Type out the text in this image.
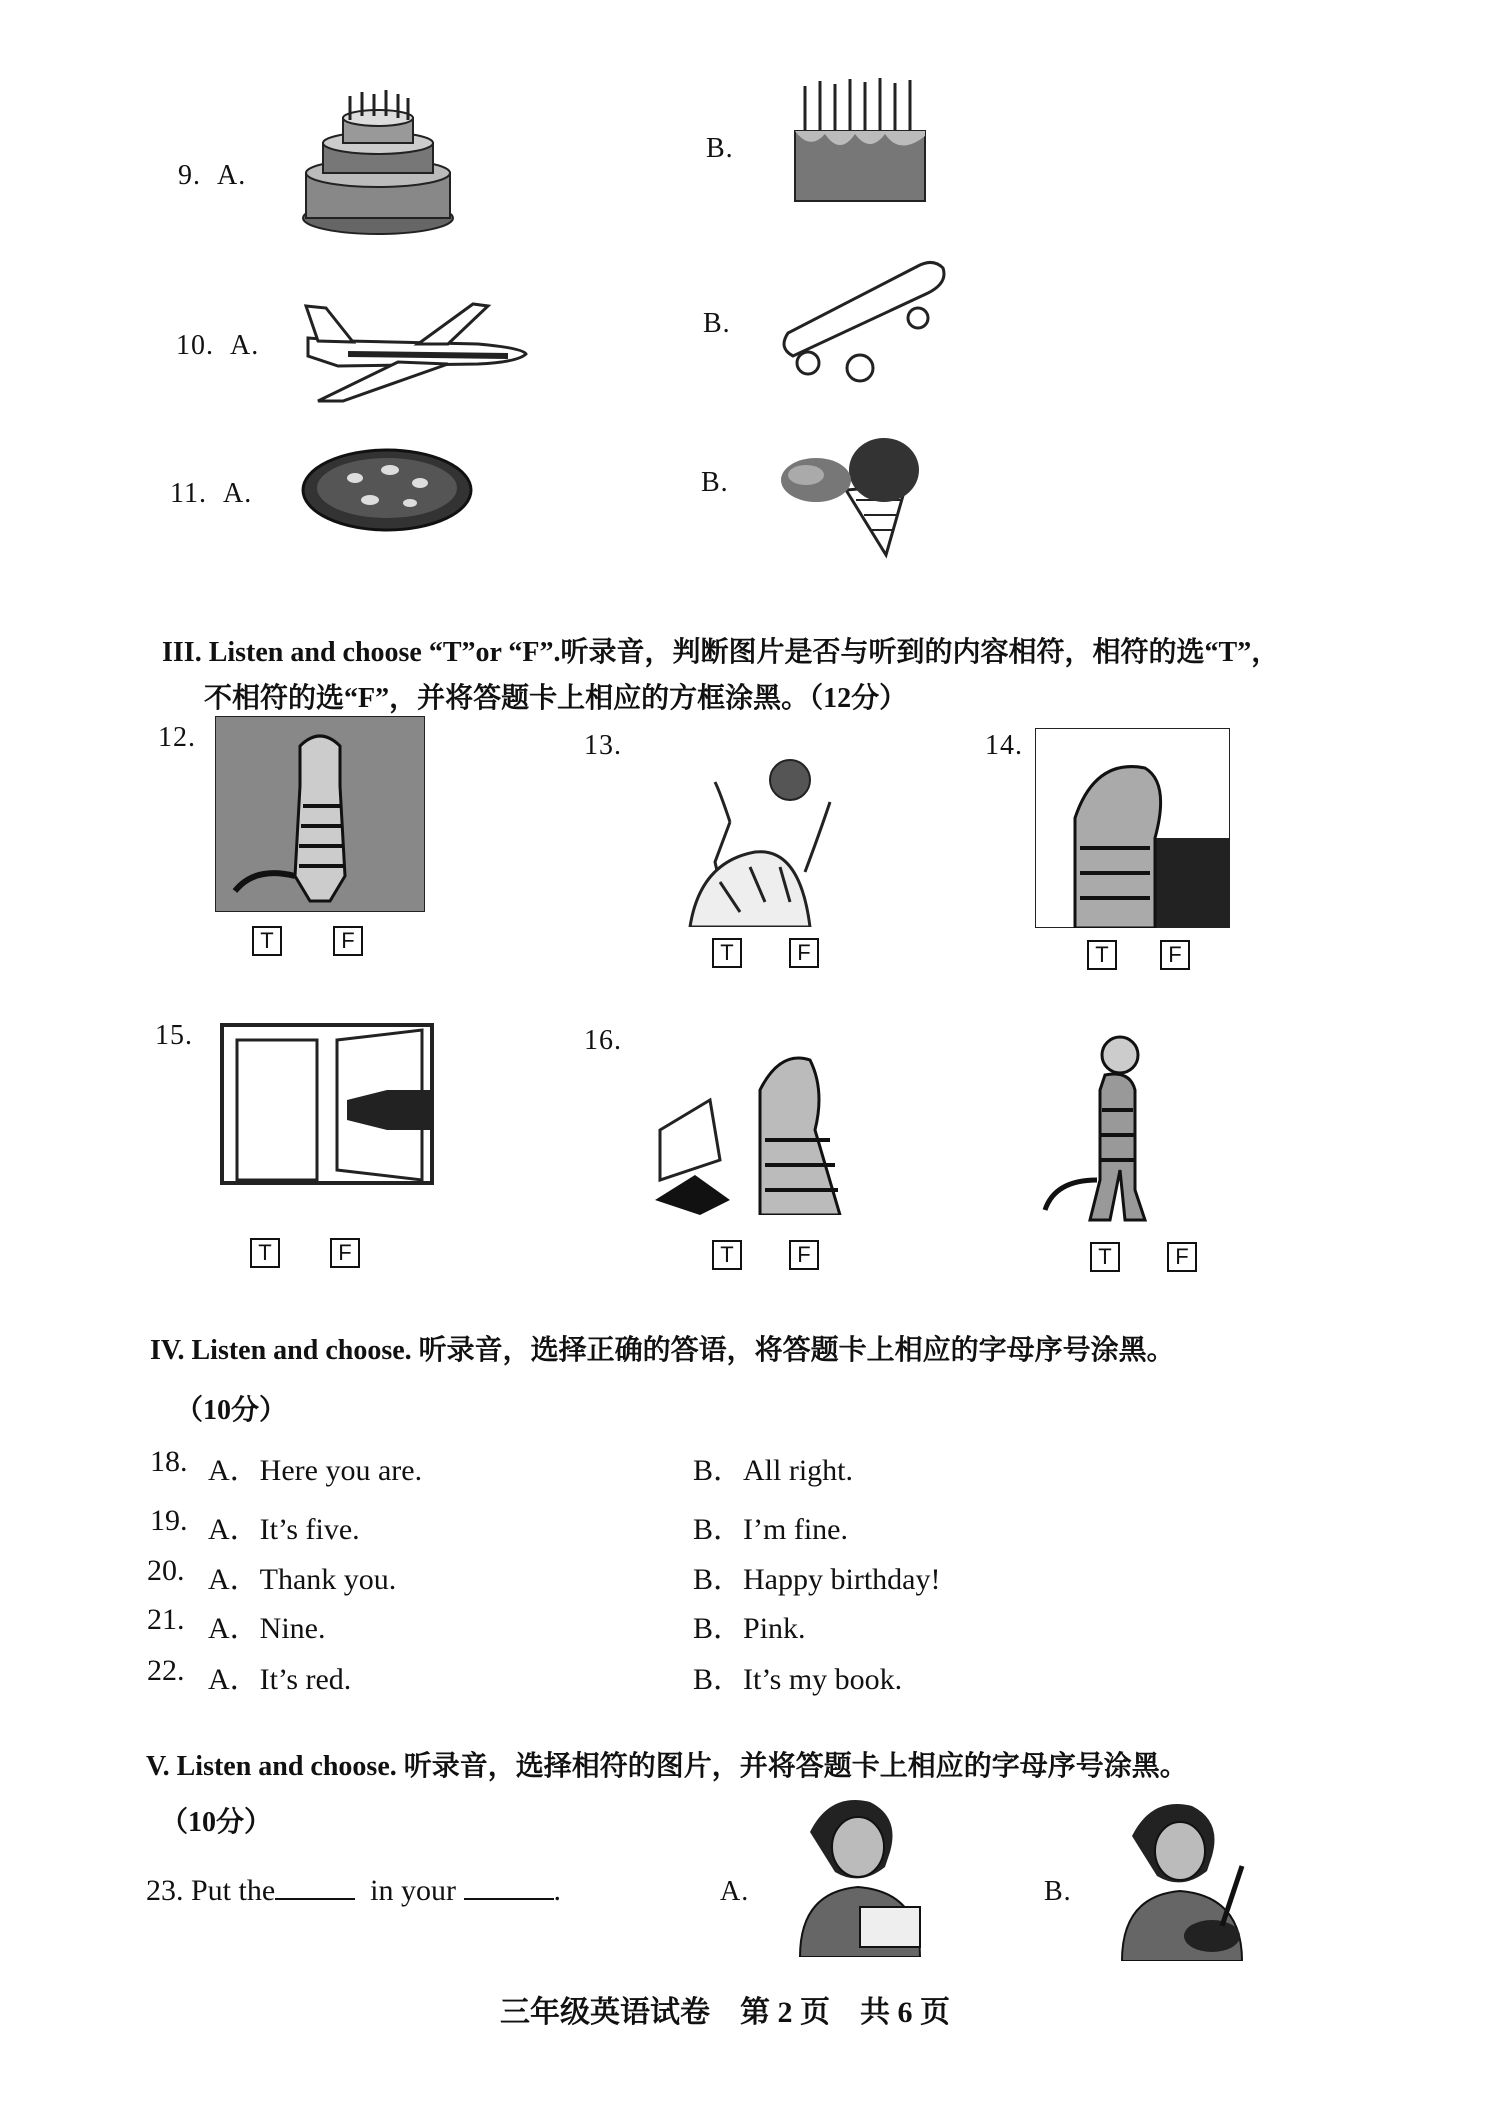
9. A.
B.
10. A.
B.
11. A.	B.
III. Listen and choose “T”or “F”.听录音，判断图片是否与听到的内容相符，相符的选“T”，
不相符的选“F”，并将答题卡上相应的方框涂黑。（12分）
12.
T	F
13.
T	F
14.
T	F
15.
T	F
16.
T	F	T	F
IV. Listen and choose. 听录音，选择正确的答语，将答题卡上相应的字母序号涂黑。
（10分）
18. A．Here you are.	B．All right.
19. A．It’s five.	B．I’m fine.
20. A．Thank you.	B．Happy birthday!
21. A．Nine.	B．Pink.
22. A．It’s red.	B．It’s my book.
V. Listen and choose. 听录音，选择相符的图片，并将答题卡上相应的字母序号涂黑。
（10分）
23. Put the	in your	.	A.	B.
三年级英语试卷　第 2 页　共 6 页
